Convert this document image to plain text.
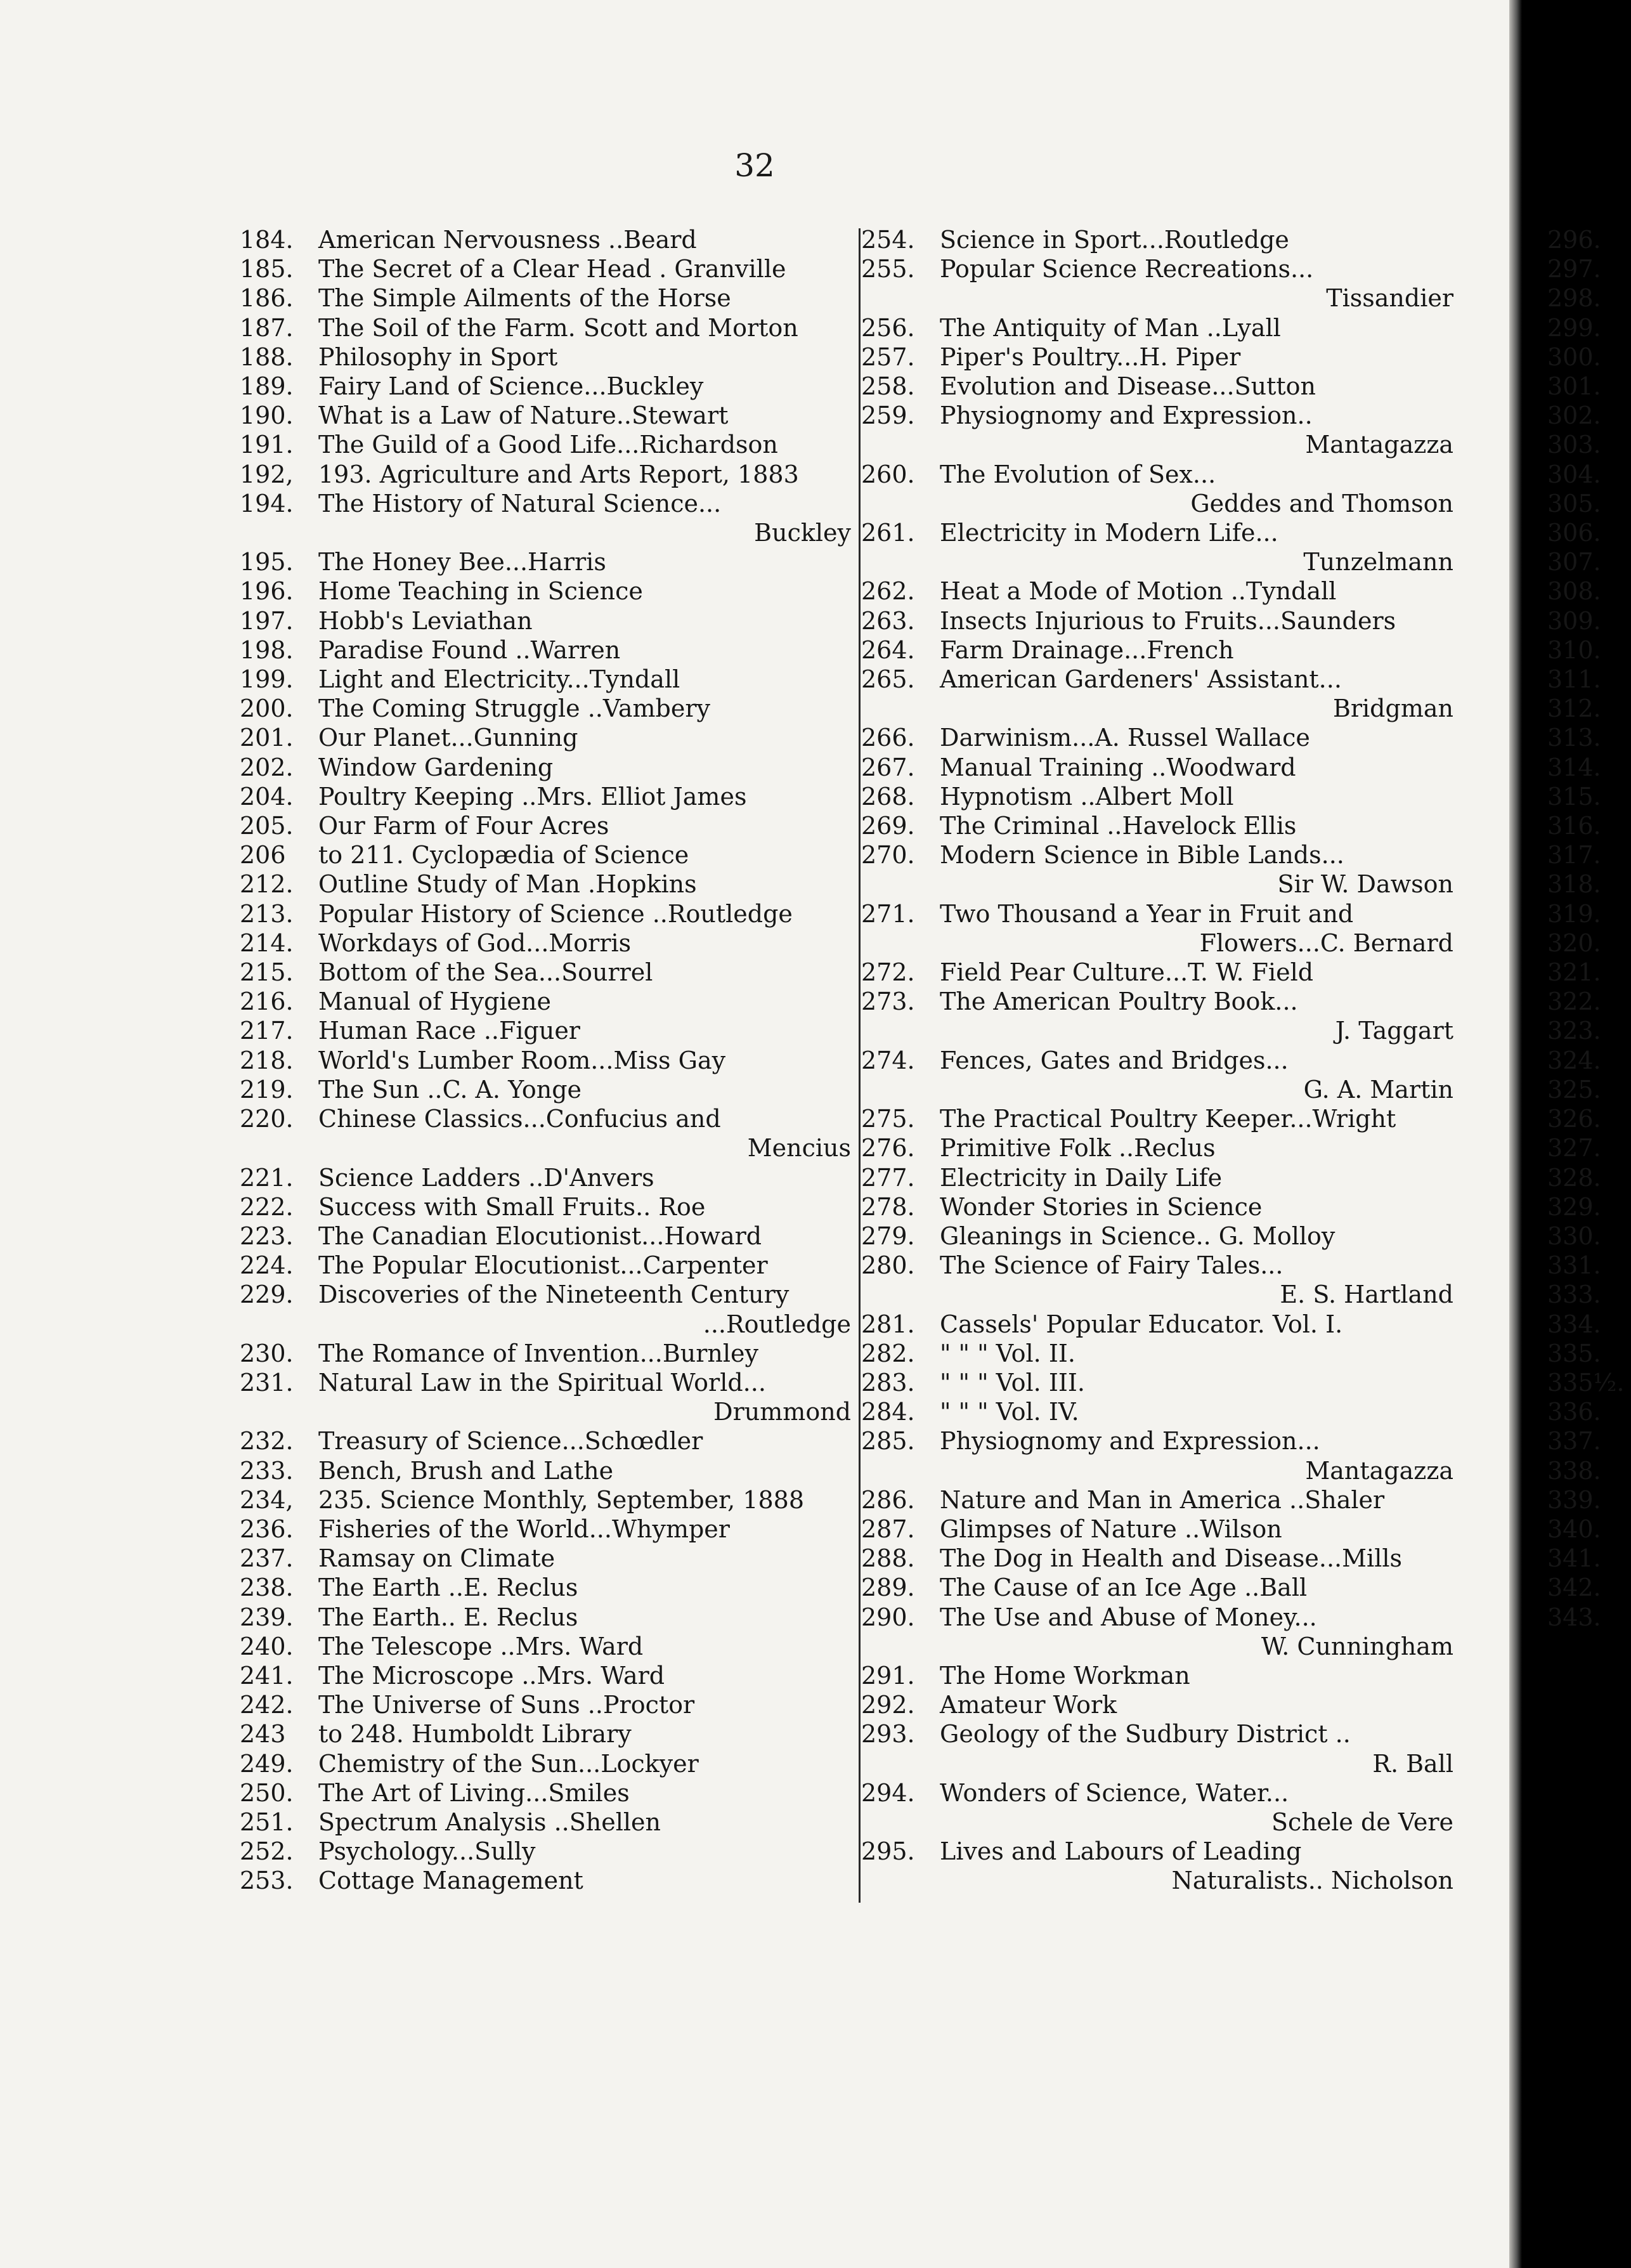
32
184.	American Nervousness ..Beard
185.	The Secret of a Clear Head . Granville
186.	The Simple Ailments of the Horse
187.	The Soil of the Farm. Scott and Morton
188.	Philosophy in Sport
189.	Fairy Land of Science...Buckley
190.	What is a Law of Nature..Stewart
191.	The Guild of a Good Life...Richardson
192,	193. Agriculture and Arts Report, 1883
194.	The History of Natural Science...
Buckley
195.	The Honey Bee...Harris
196.	Home Teaching in Science
197.	Hobb's Leviathan
198.	Paradise Found ..Warren
199.	Light and Electricity...Tyndall
200.	The Coming Struggle ..Vambery
201.	Our Planet...Gunning
202.	Window Gardening
204.	Poultry Keeping ..Mrs. Elliot James
205.	Our Farm of Four Acres
206	to 211. Cyclopædia of Science
212.	Outline Study of Man .Hopkins
213.	Popular History of Science ..Routledge
214.	Workdays of God...Morris
215.	Bottom of the Sea...Sourrel
216.	Manual of Hygiene
217.	Human Race ..Figuer
218.	World's Lumber Room...Miss Gay
219.	The Sun ..C. A. Yonge
220.	Chinese Classics...Confucius and
Mencius
221.	Science Ladders ..D'Anvers
222.	Success with Small Fruits.. Roe
223.	The Canadian Elocutionist...Howard
224.	The Popular Elocutionist...Carpenter
229.	Discoveries of the Nineteenth Century
...Routledge
230.	The Romance of Invention...Burnley
231.	Natural Law in the Spiritual World...
Drummond
232.	Treasury of Science...Schœdler
233.	Bench, Brush and Lathe
234,	235. Science Monthly, September, 1888
236.	Fisheries of the World...Whymper
237.	Ramsay on Climate
238.	The Earth ..E. Reclus
239.	The Earth.. E. Reclus
240.	The Telescope ..Mrs. Ward
241.	The Microscope ..Mrs. Ward
242.	The Universe of Suns ..Proctor
243	to 248. Humboldt Library
249.	Chemistry of the Sun...Lockyer
250.	The Art of Living...Smiles
251.	Spectrum Analysis ..Shellen
252.	Psychology...Sully
253.	Cottage Management
254.	Science in Sport...Routledge
255.	Popular Science Recreations...
Tissandier
256.	The Antiquity of Man ..Lyall
257.	Piper's Poultry...H. Piper
258.	Evolution and Disease...Sutton
259.	Physiognomy and Expression..
Mantagazza
260.	The Evolution of Sex...
Geddes and Thomson
261.	Electricity in Modern Life...
Tunzelmann
262.	Heat a Mode of Motion ..Tyndall
263.	Insects Injurious to Fruits...Saunders
264.	Farm Drainage...French
265.	American Gardeners' Assistant...
Bridgman
266.	Darwinism...A. Russel Wallace
267.	Manual Training ..Woodward
268.	Hypnotism ..Albert Moll
269.	The Criminal ..Havelock Ellis
270.	Modern Science in Bible Lands...
Sir W. Dawson
271.	Two Thousand a Year in Fruit and
Flowers...C. Bernard
272.	Field Pear Culture...T. W. Field
273.	The American Poultry Book...
J. Taggart
274.	Fences, Gates and Bridges...
G. A. Martin
275.	The Practical Poultry Keeper...Wright
276.	Primitive Folk ..Reclus
277.	Electricity in Daily Life
278.	Wonder Stories in Science
279.	Gleanings in Science.. G. Molloy
280.	The Science of Fairy Tales...
E. S. Hartland
281.	Cassels' Popular Educator. Vol. I.
282.	" " " Vol. II.
283.	" " " Vol. III.
284.	" " " Vol. IV.
285.	Physiognomy and Expression...
Mantagazza
286.	Nature and Man in America ..Shaler
287.	Glimpses of Nature ..Wilson
288.	The Dog in Health and Disease...Mills
289.	The Cause of an Ice Age ..Ball
290.	The Use and Abuse of Money...
W. Cunningham
291.	The Home Workman
292.	Amateur Work
293.	Geology of the Sudbury District ..
R. Ball
294.	Wonders of Science, Water...
Schele de Vere
295.	Lives and Labours of Leading
Naturalists.. Nicholson
296.
297.
298.
299.
300.
301.
302.
303.
304.
305.
306.
307.
308.
309.
310.
311.
312.
313.
314.
315.
316.
317.
318.
319.
320.
321.
322.
323.
324.
325.
326.
327.
328.
329.
330.
331.
333.
334.
335.
335½.
336.
337.
338.
339.
340.
341.
342.
343.
